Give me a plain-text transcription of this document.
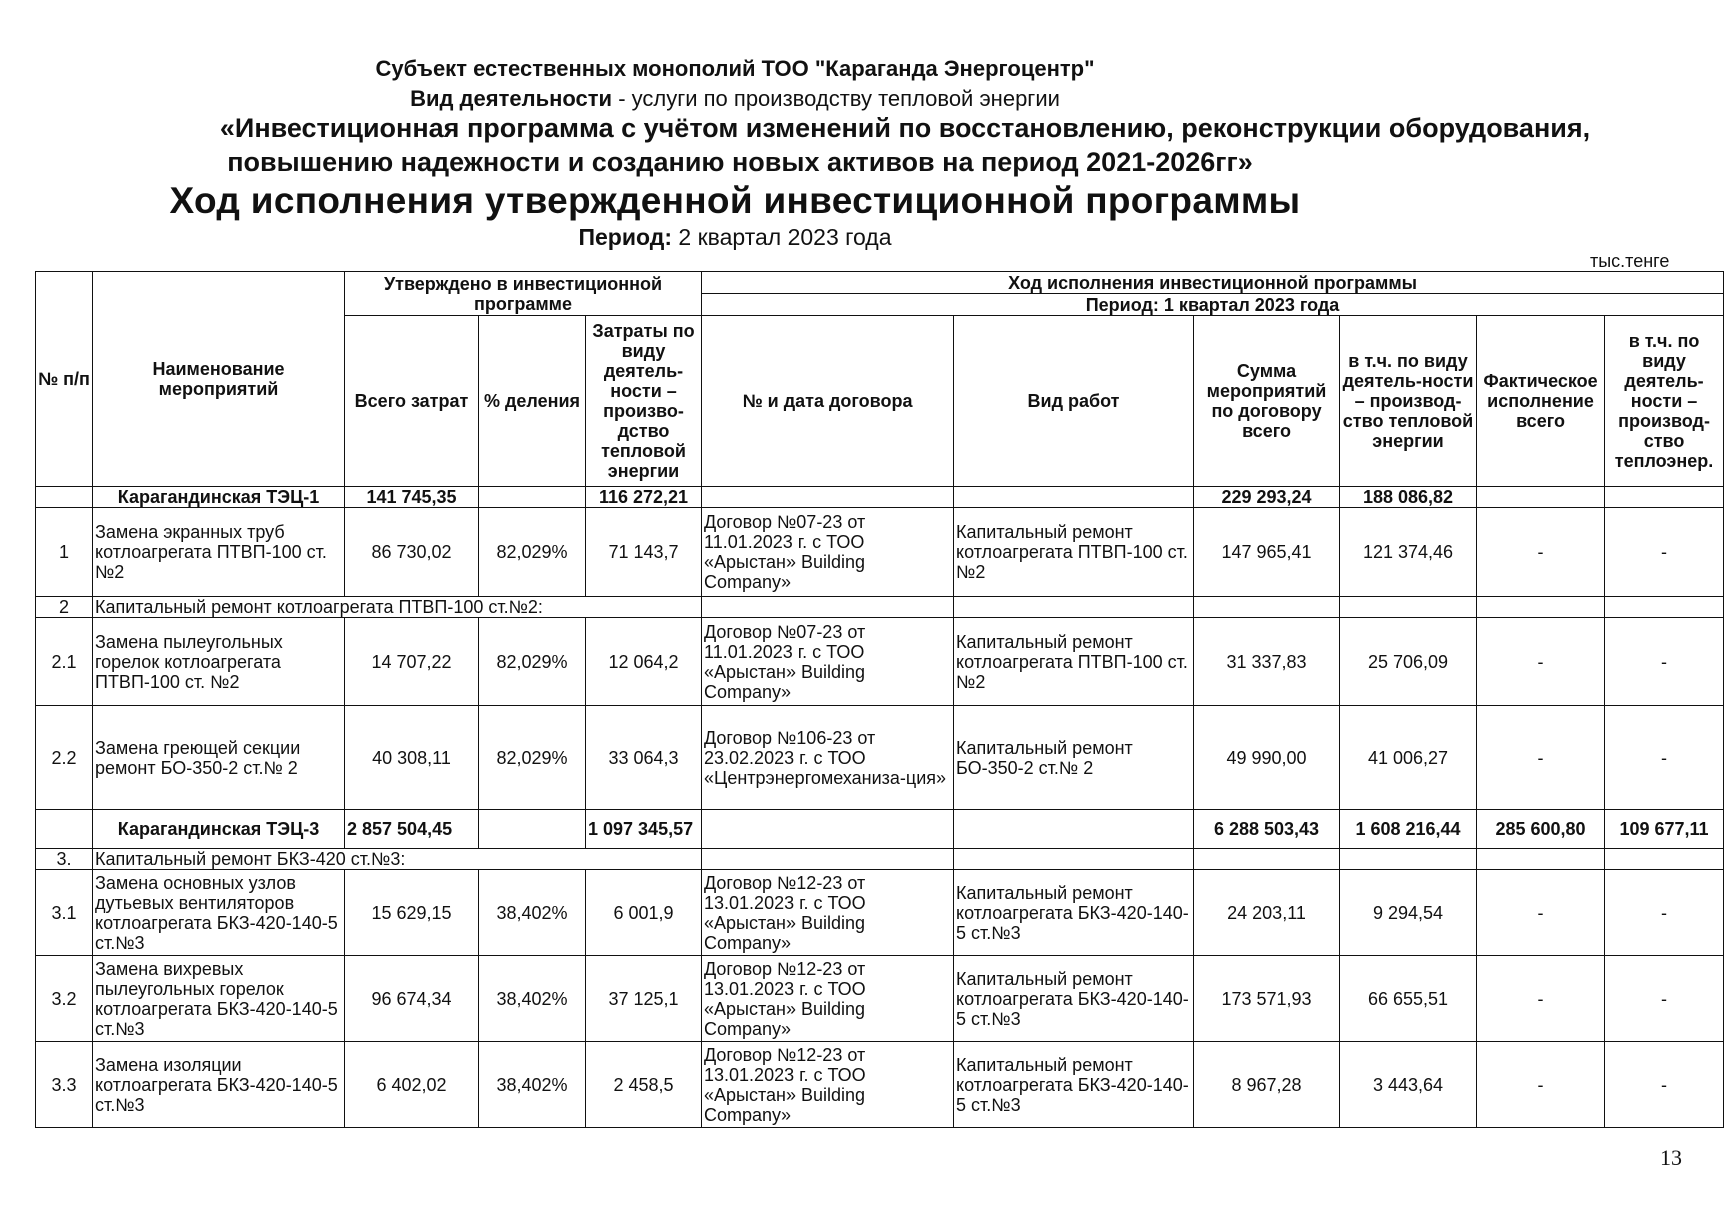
Субъект естественных монополий ТОО "Караганда Энергоцентр"
Вид деятельности - услуги по производству тепловой энергии
«Инвестиционная программа с учётом изменений по восстановлению, реконструкции оборудования,
повышению надежности и созданию новых активов на период 2021-2026гг»
Ход исполнения утвержденной инвестиционной программы
Период: 2 квартал 2023 года
тыс.тенге
№ п/п	Наименование мероприятий	Утверждено в инвестиционной программе			Ход исполнения инвестиционной программы					
					Период: 1 квартал 2023 года					
		Всего затрат	% деления	Затраты по виду деятель-ности – произво-дство тепловой энергии	№ и дата договора	Вид работ	Сумма мероприятий по договору всего	в т.ч. по виду деятель-ности – производ-ство тепловой энергии	Фактическое исполнение всего	в т.ч. по виду деятель-ности – производ-ство теплоэнер.
	Карагандинская ТЭЦ-1	141 745,35		116 272,21			229 293,24	188 086,82		
1	Замена экранных труб котлоагрегата ПТВП-100 ст. №2	86 730,02	82,029%	71 143,7	Договор №07-23 от 11.01.2023 г. с ТОО «Арыстан» Building Company»	Капитальный ремонт котлоагрегата ПТВП-100 ст. №2	147 965,41	121 374,46	-	-
2	Капитальный ремонт котлоагрегата ПТВП-100 ст.№2:									
2.1	Замена пылеугольных горелок котлоагрегата ПТВП-100 ст. №2	14 707,22	82,029%	12 064,2	Договор №07-23 от 11.01.2023 г. с ТОО «Арыстан» Building Company»	Капитальный ремонт котлоагрегата ПТВП-100 ст. №2	31 337,83	25 706,09	-	-
2.2	Замена греющей секции ремонт БО-350-2 ст.№ 2	40 308,11	82,029%	33 064,3	Договор №106-23 от 23.02.2023 г. с ТОО «Центрэнергомеханиза-ция»	Капитальный ремонт БО-350-2 ст.№ 2	49 990,00	41 006,27	-	-
	Карагандинская ТЭЦ-3	2 857 504,45		1 097 345,57			6 288 503,43	1 608 216,44	285 600,80	109 677,11
3.	Капитальный ремонт БКЗ-420 ст.№3:									
3.1	Замена основных узлов дутьевых вентиляторов котлоагрегата БКЗ-420-140-5 ст.№3	15 629,15	38,402%	6 001,9	Договор №12-23 от 13.01.2023 г. с ТОО «Арыстан» Building Company»	Капитальный ремонт котлоагрегата БКЗ-420-140-5 ст.№3	24 203,11	9 294,54	-	-
3.2	Замена вихревых пылеугольных горелок котлоагрегата БКЗ-420-140-5 ст.№3	96 674,34	38,402%	37 125,1	Договор №12-23 от 13.01.2023 г. с ТОО «Арыстан» Building Company»	Капитальный ремонт котлоагрегата БКЗ-420-140-5 ст.№3	173 571,93	66 655,51	-	-
3.3	Замена изоляции котлоагрегата БКЗ-420-140-5 ст.№3	6 402,02	38,402%	2 458,5	Договор №12-23 от 13.01.2023 г. с ТОО «Арыстан» Building Company»	Капитальный ремонт котлоагрегата БКЗ-420-140-5 ст.№3	8 967,28	3 443,64	-	-
13
